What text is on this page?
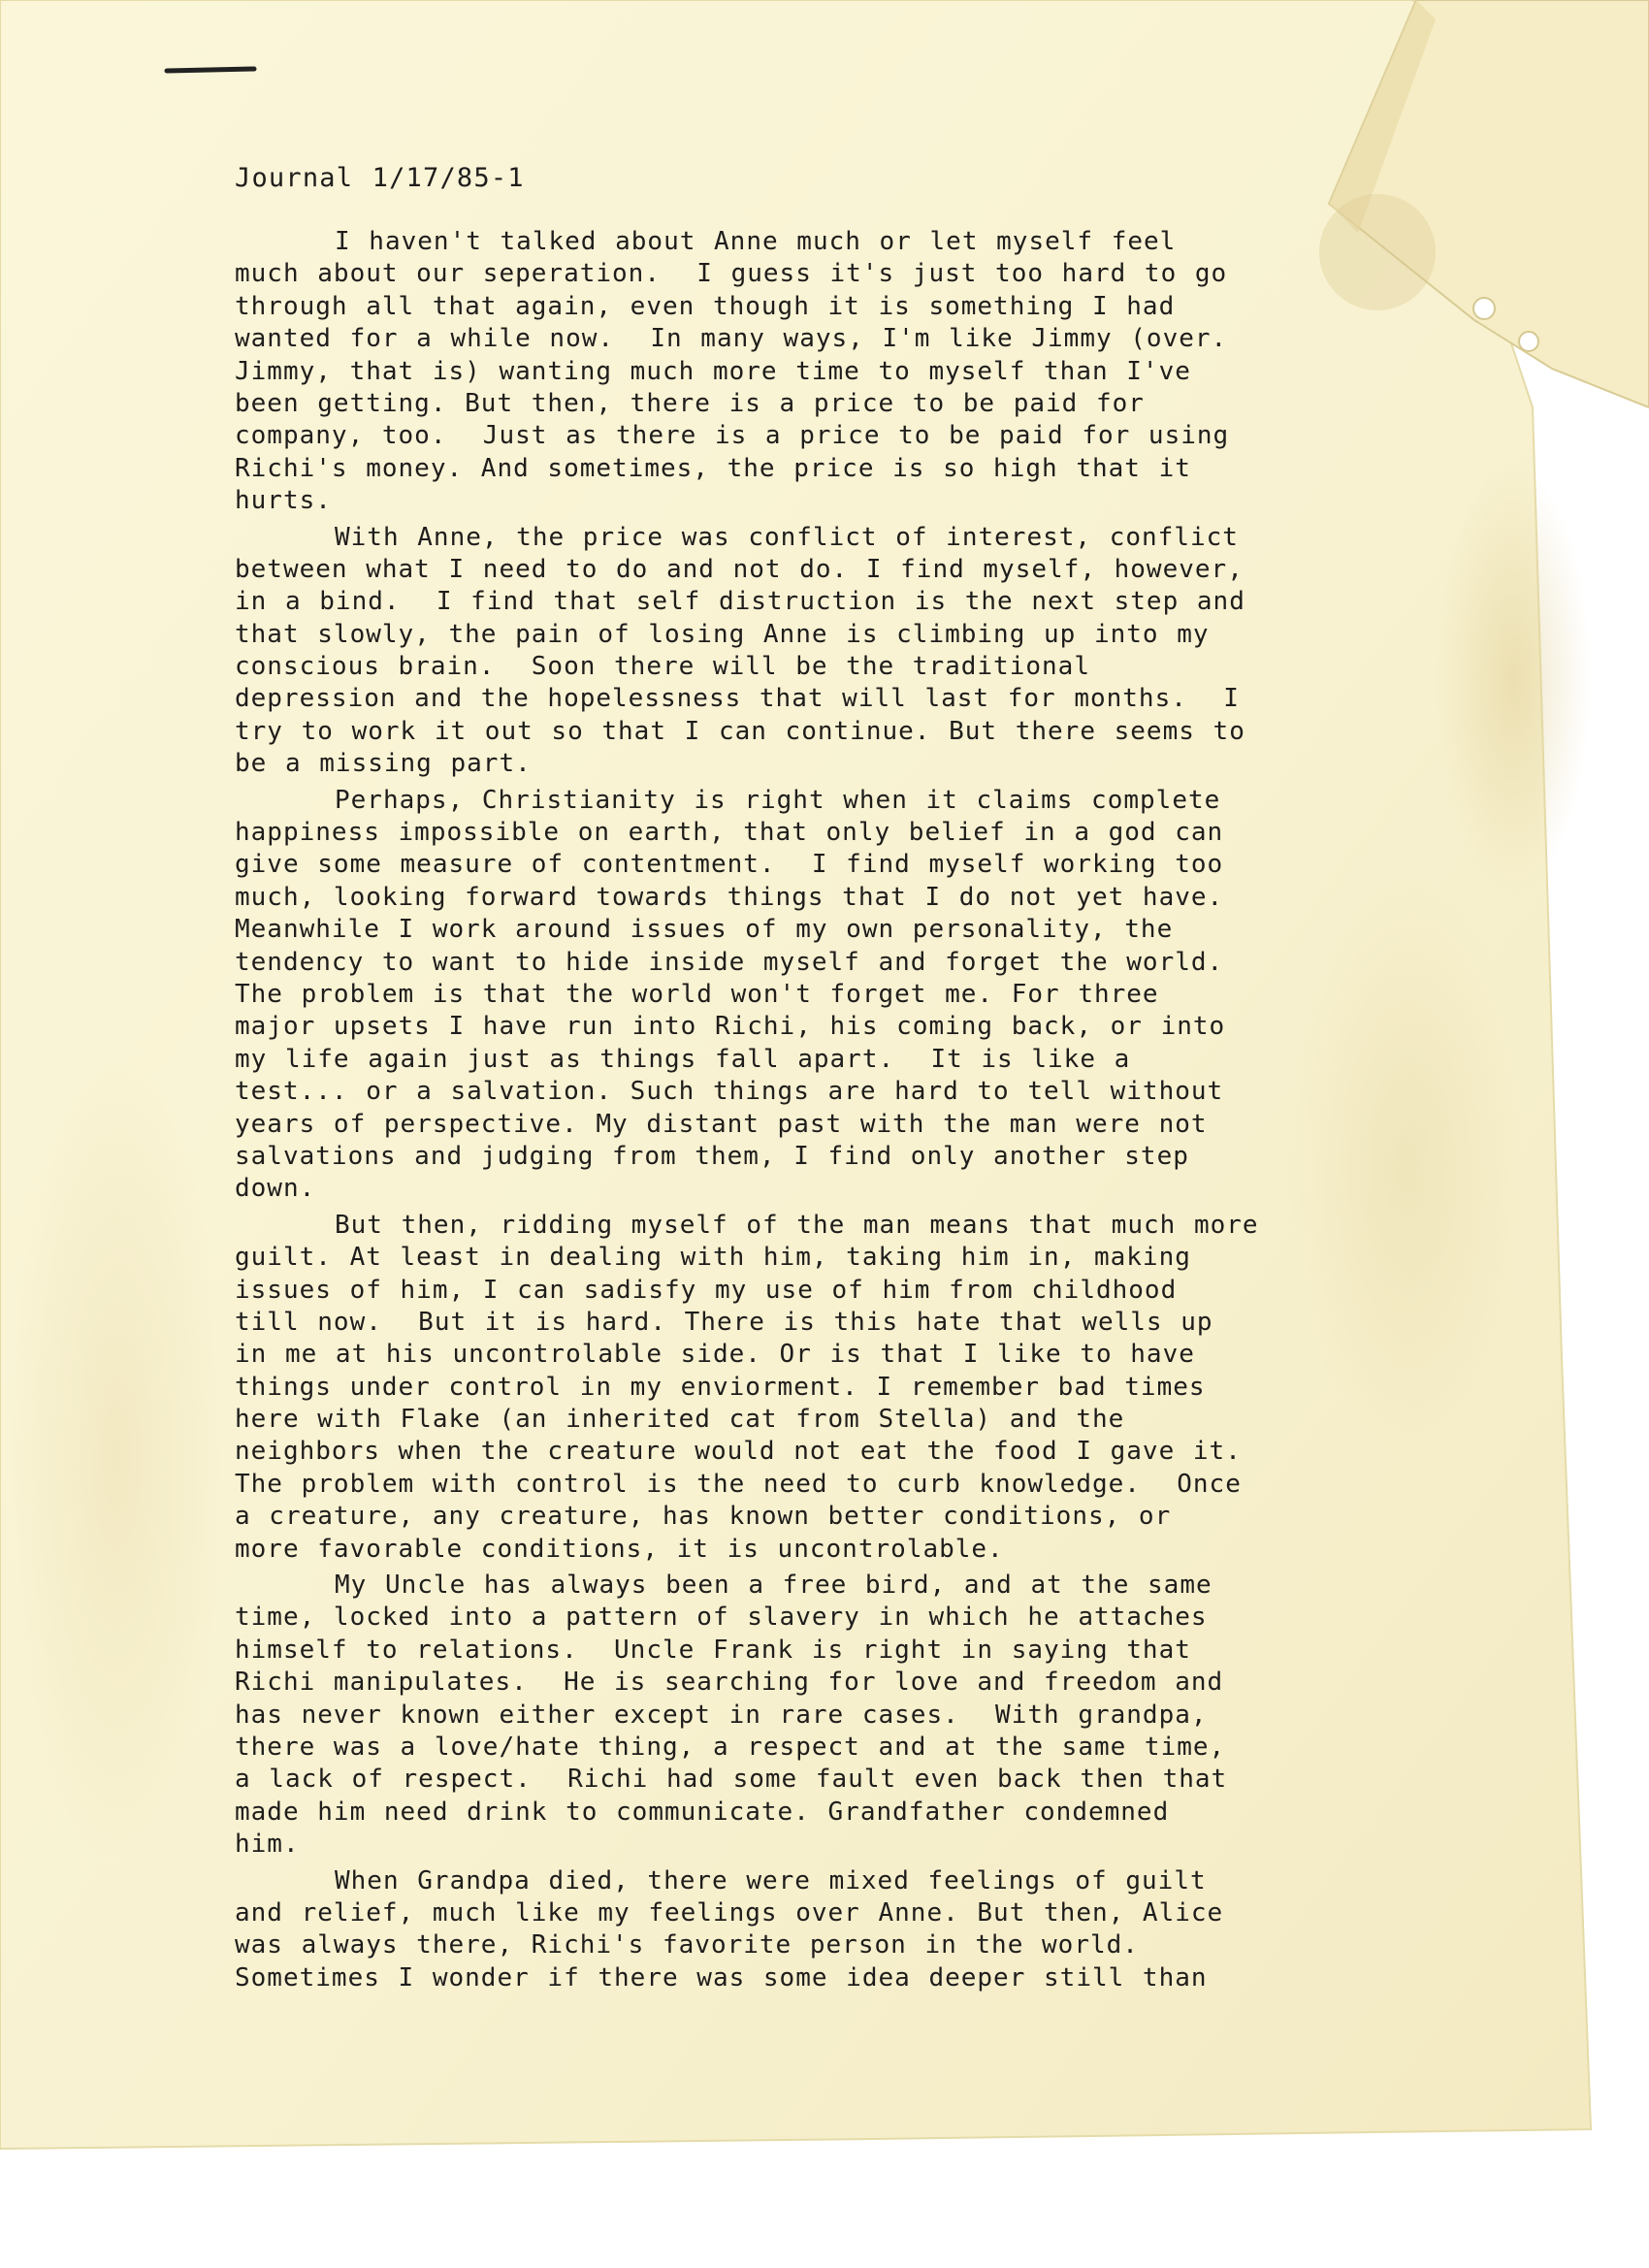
Journal 1/17/85-1
I haven't talked about Anne much or let myself feel
much about our seperation.  I guess it's just too hard to go
through all that again, even though it is something I had
wanted for a while now.  In many ways, I'm like Jimmy (over.
Jimmy, that is) wanting much more time to myself than I've
been getting. But then, there is a price to be paid for
company, too.  Just as there is a price to be paid for using
Richi's money. And sometimes, the price is so high that it
hurts.
With Anne, the price was conflict of interest, conflict
between what I need to do and not do. I find myself, however,
in a bind.  I find that self distruction is the next step and
that slowly, the pain of losing Anne is climbing up into my
conscious brain.  Soon there will be the traditional
depression and the hopelessness that will last for months.  I
try to work it out so that I can continue. But there seems to
be a missing part.
Perhaps, Christianity is right when it claims complete
happiness impossible on earth, that only belief in a god can
give some measure of contentment.  I find myself working too
much, looking forward towards things that I do not yet have.
Meanwhile I work around issues of my own personality, the
tendency to want to hide inside myself and forget the world.
The problem is that the world won't forget me. For three
major upsets I have run into Richi, his coming back, or into
my life again just as things fall apart.  It is like a
test... or a salvation. Such things are hard to tell without
years of perspective. My distant past with the man were not
salvations and judging from them, I find only another step
down.
But then, ridding myself of the man means that much more
guilt. At least in dealing with him, taking him in, making
issues of him, I can sadisfy my use of him from childhood
till now.  But it is hard. There is this hate that wells up
in me at his uncontrolable side. Or is that I like to have
things under control in my enviorment. I remember bad times
here with Flake (an inherited cat from Stella) and the
neighbors when the creature would not eat the food I gave it.
The problem with control is the need to curb knowledge.  Once
a creature, any creature, has known better conditions, or
more favorable conditions, it is uncontrolable.
My Uncle has always been a free bird, and at the same
time, locked into a pattern of slavery in which he attaches
himself to relations.  Uncle Frank is right in saying that
Richi manipulates.  He is searching for love and freedom and
has never known either except in rare cases.  With grandpa,
there was a love/hate thing, a respect and at the same time,
a lack of respect.  Richi had some fault even back then that
made him need drink to communicate. Grandfather condemned
him.
When Grandpa died, there were mixed feelings of guilt
and relief, much like my feelings over Anne. But then, Alice
was always there, Richi's favorite person in the world.
Sometimes I wonder if there was some idea deeper still than
